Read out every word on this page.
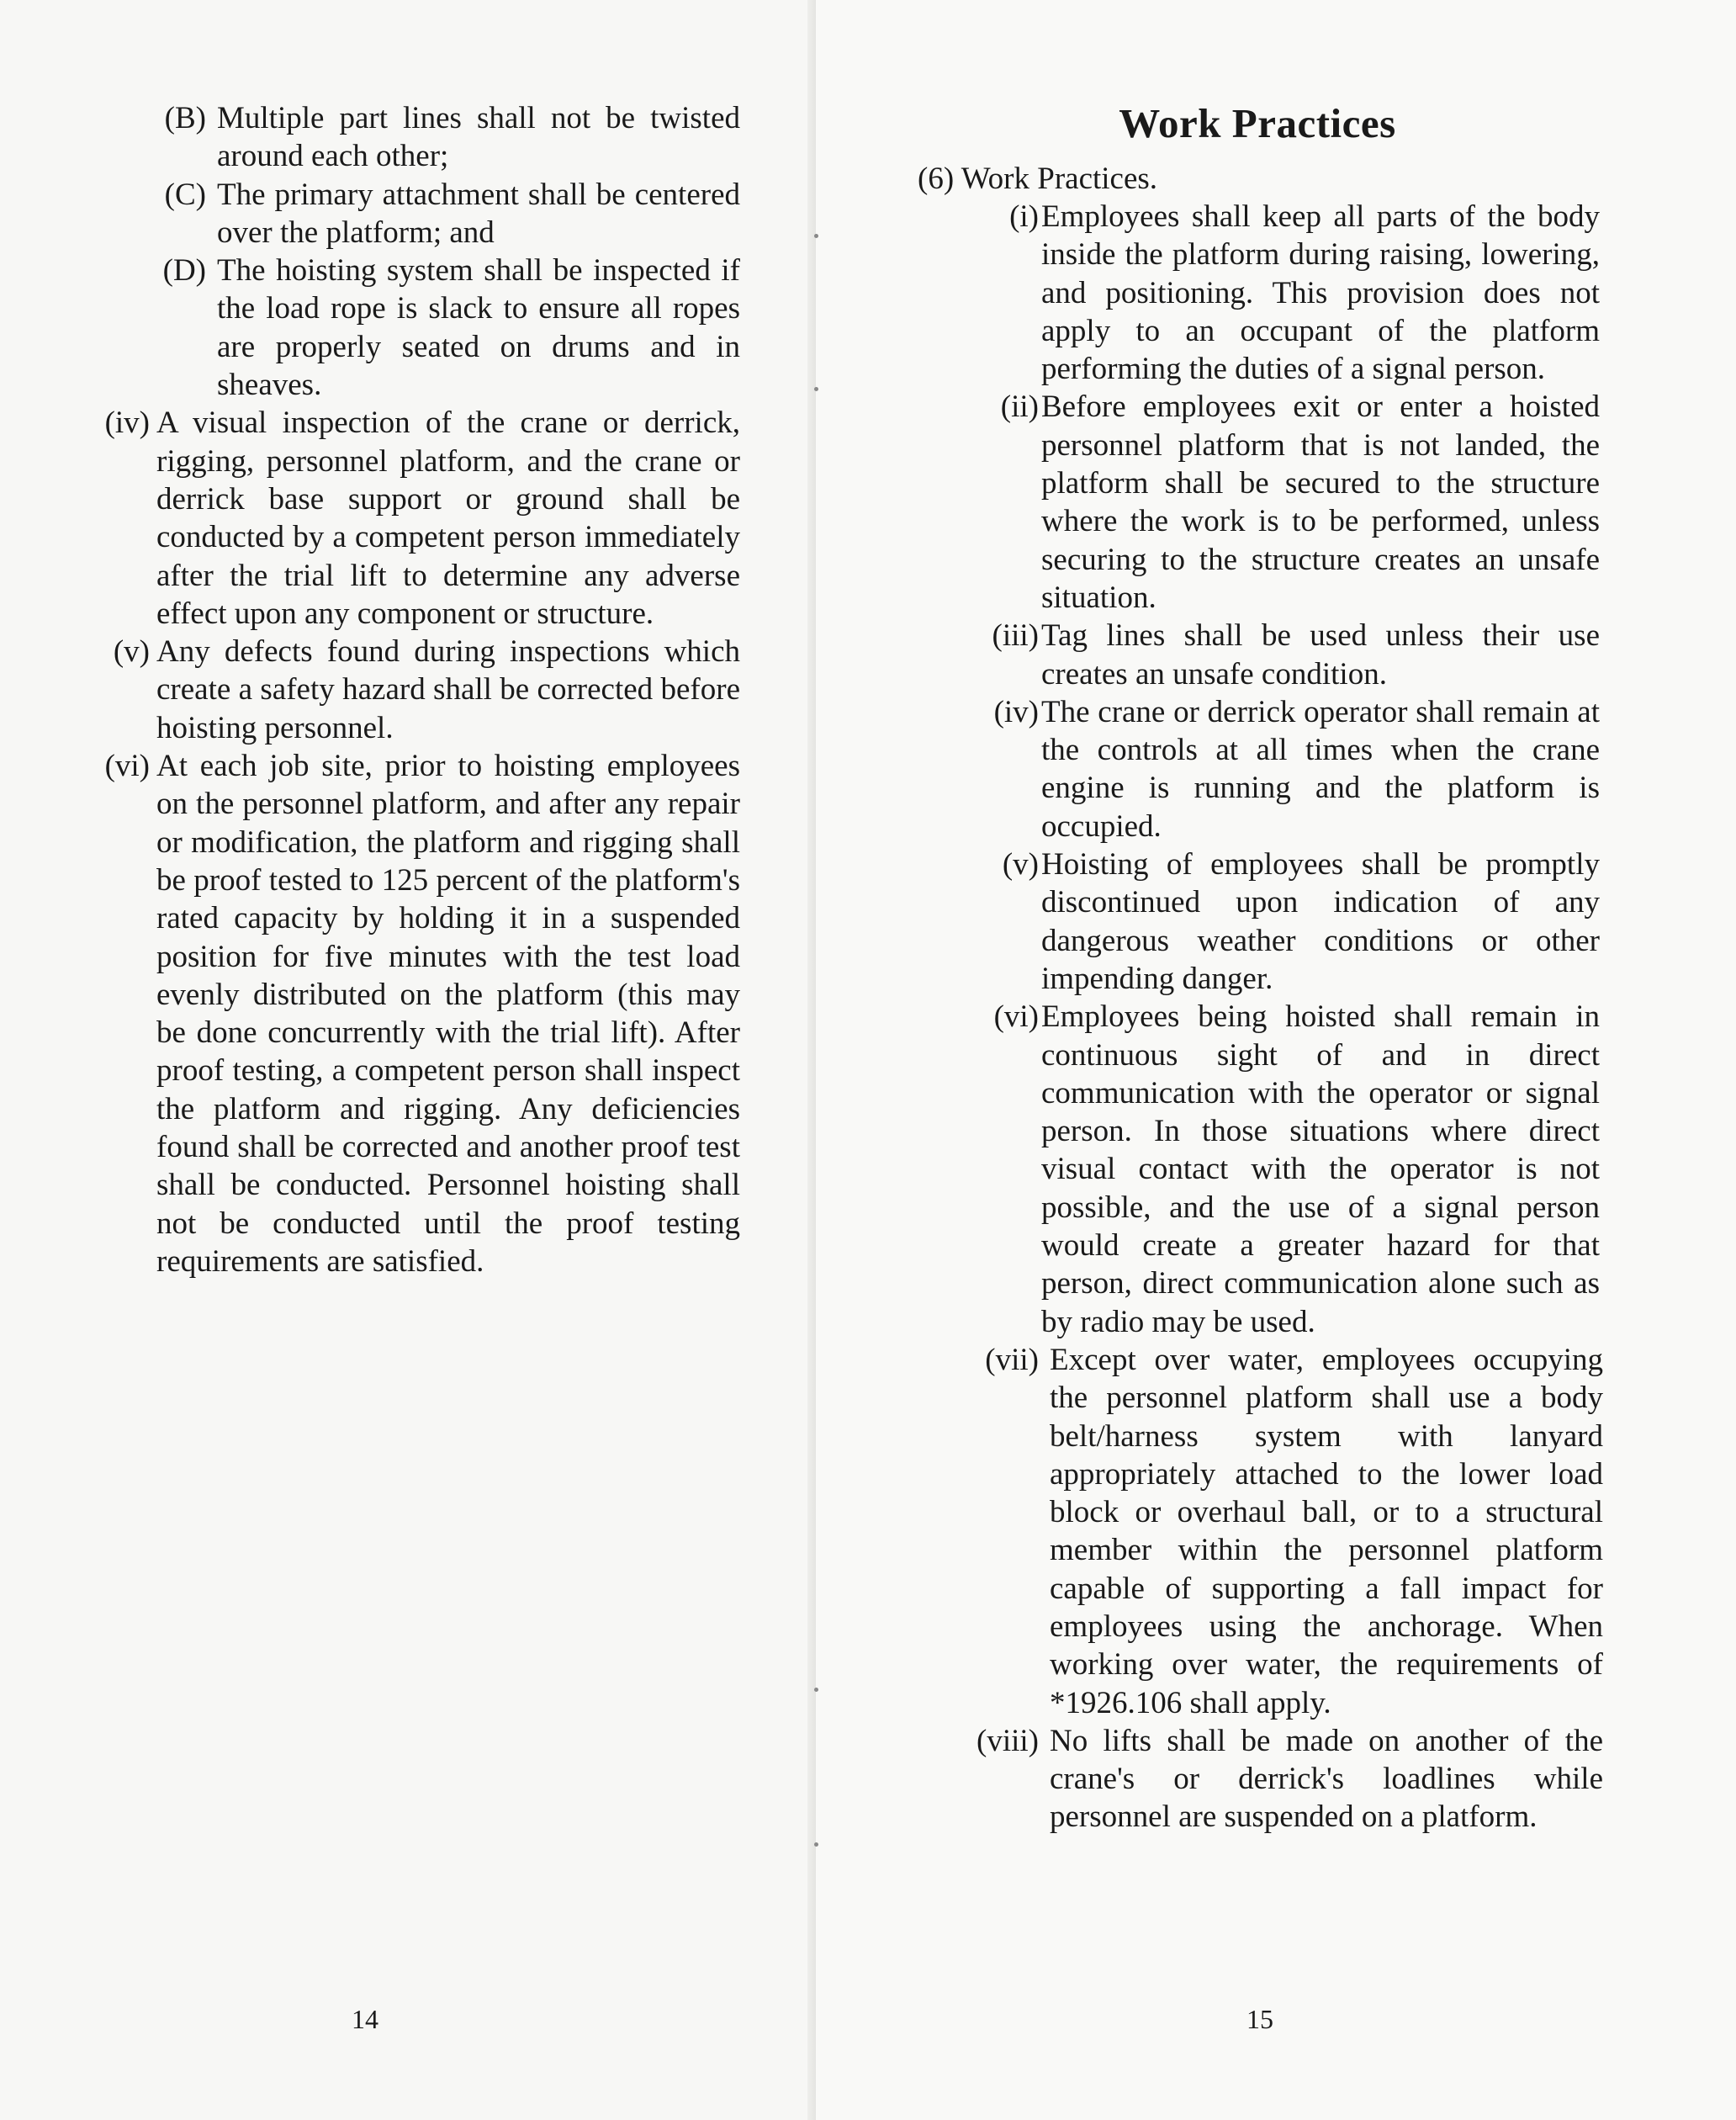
(B) Multiple part lines shall not be twisted around each other;
(C) The primary attachment shall be centered over the platform; and
(D) The hoisting system shall be inspected if the load rope is slack to ensure all ropes are properly seated on drums and in sheaves.
(iv) A visual inspection of the crane or derrick, rigging, personnel platform, and the crane or derrick base support or ground shall be conducted by a competent person immediately after the trial lift to determine any adverse effect upon any component or structure.
(v) Any defects found during inspections which create a safety hazard shall be corrected before hoisting personnel.
(vi) At each job site, prior to hoisting employees on the personnel platform, and after any repair or modification, the platform and rigging shall be proof tested to 125 percent of the platform's rated capacity by holding it in a suspended position for five minutes with the test load evenly distributed on the platform (this may be done concurrently with the trial lift). After proof testing, a competent person shall inspect the platform and rigging. Any deficiencies found shall be corrected and another proof test shall be conducted. Personnel hoisting shall not be conducted until the proof testing requirements are satisfied.
14	15
Work Practices
(6) Work Practices.
(i) Employees shall keep all parts of the body inside the platform during raising, lowering, and positioning. This provision does not apply to an occupant of the platform performing the duties of a signal person.
(ii) Before employees exit or enter a hoisted personnel platform that is not landed, the platform shall be secured to the structure where the work is to be performed, unless securing to the structure creates an unsafe situation.
(iii) Tag lines shall be used unless their use creates an unsafe condition.
(iv) The crane or derrick operator shall remain at the controls at all times when the crane engine is running and the platform is occupied.
(v) Hoisting of employees shall be promptly discontinued upon indication of any dangerous weather conditions or other impending danger.
(vi) Employees being hoisted shall remain in continuous sight of and in direct communication with the operator or signal person. In those situations where direct visual contact with the operator is not possible, and the use of a signal person would create a greater hazard for that person, direct communication alone such as by radio may be used.
(vii) Except over water, employees occupying the personnel platform shall use a body belt/harness system with lanyard appropriately attached to the lower load block or overhaul ball, or to a structural member within the personnel platform capable of supporting a fall impact for employees using the anchorage. When working over water, the requirements of *1926.106 shall apply.
(viii) No lifts shall be made on another of the crane's or derrick's loadlines while personnel are suspended on a platform.
